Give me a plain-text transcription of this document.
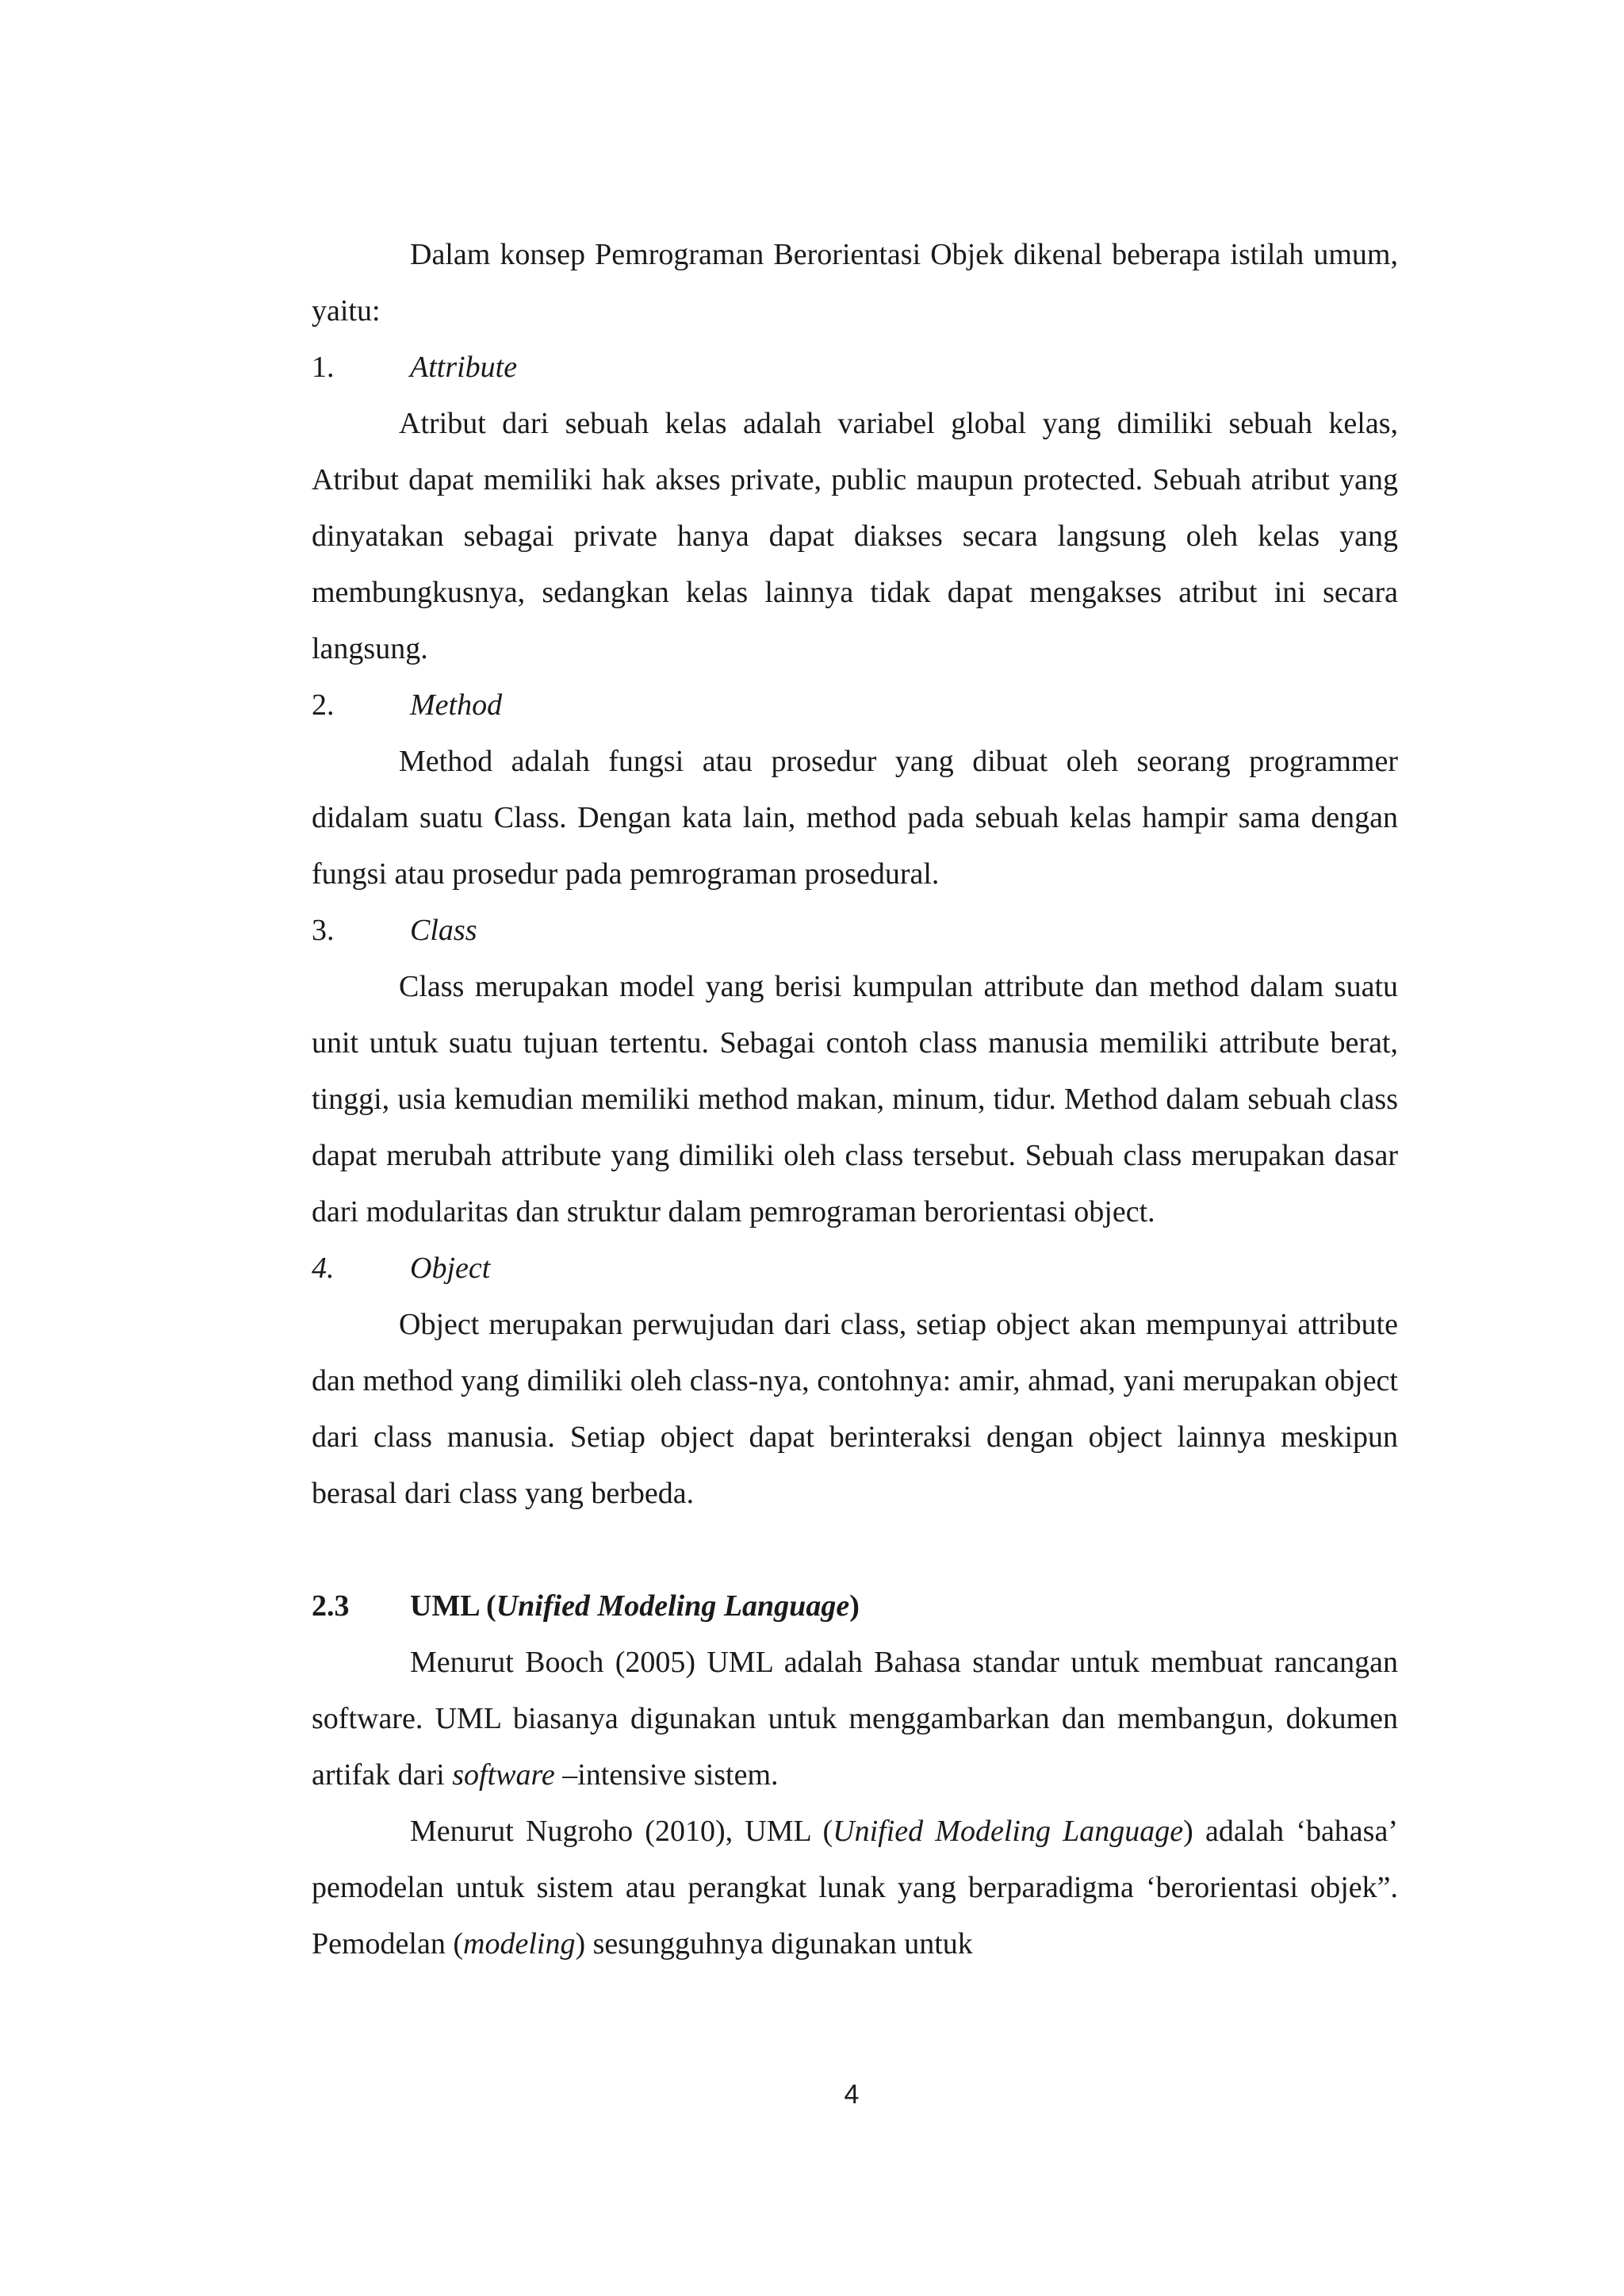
Dalam konsep Pemrograman Berorientasi Objek dikenal beberapa istilah umum, yaitu:

1.	Attribute

Atribut dari sebuah kelas adalah variabel global yang dimiliki sebuah kelas, Atribut dapat memiliki hak akses private, public maupun protected. Sebuah atribut yang dinyatakan sebagai private hanya dapat diakses secara langsung oleh kelas yang membungkusnya, sedangkan kelas lainnya tidak dapat mengakses atribut ini secara langsung.

2.	Method

Method adalah fungsi atau prosedur yang dibuat oleh seorang programmer didalam suatu Class. Dengan kata lain, method pada sebuah kelas hampir sama dengan fungsi atau prosedur pada pemrograman prosedural.

3.	Class

Class merupakan model yang berisi kumpulan attribute dan method dalam suatu unit untuk suatu tujuan tertentu. Sebagai contoh class manusia memiliki attribute berat, tinggi, usia kemudian memiliki method makan, minum, tidur. Method dalam sebuah class dapat merubah attribute yang dimiliki oleh class tersebut. Sebuah class merupakan dasar dari modularitas dan struktur dalam pemrograman berorientasi object.

4.	Object

Object merupakan perwujudan dari class, setiap object akan mempunyai attribute dan method yang dimiliki oleh class-nya, contohnya: amir, ahmad, yani merupakan object dari class manusia. Setiap object dapat berinteraksi dengan object lainnya meskipun berasal dari class yang berbeda.

2.3	UML (Unified Modeling Language)

Menurut Booch (2005) UML adalah Bahasa standar untuk membuat rancangan software. UML biasanya digunakan untuk menggambarkan dan membangun, dokumen artifak dari software –intensive sistem.

Menurut Nugroho (2010), UML (Unified Modeling Language) adalah ‘bahasa’ pemodelan untuk sistem atau perangkat lunak yang berparadigma ‘berorientasi objek”. Pemodelan (modeling) sesungguhnya digunakan untuk

4
